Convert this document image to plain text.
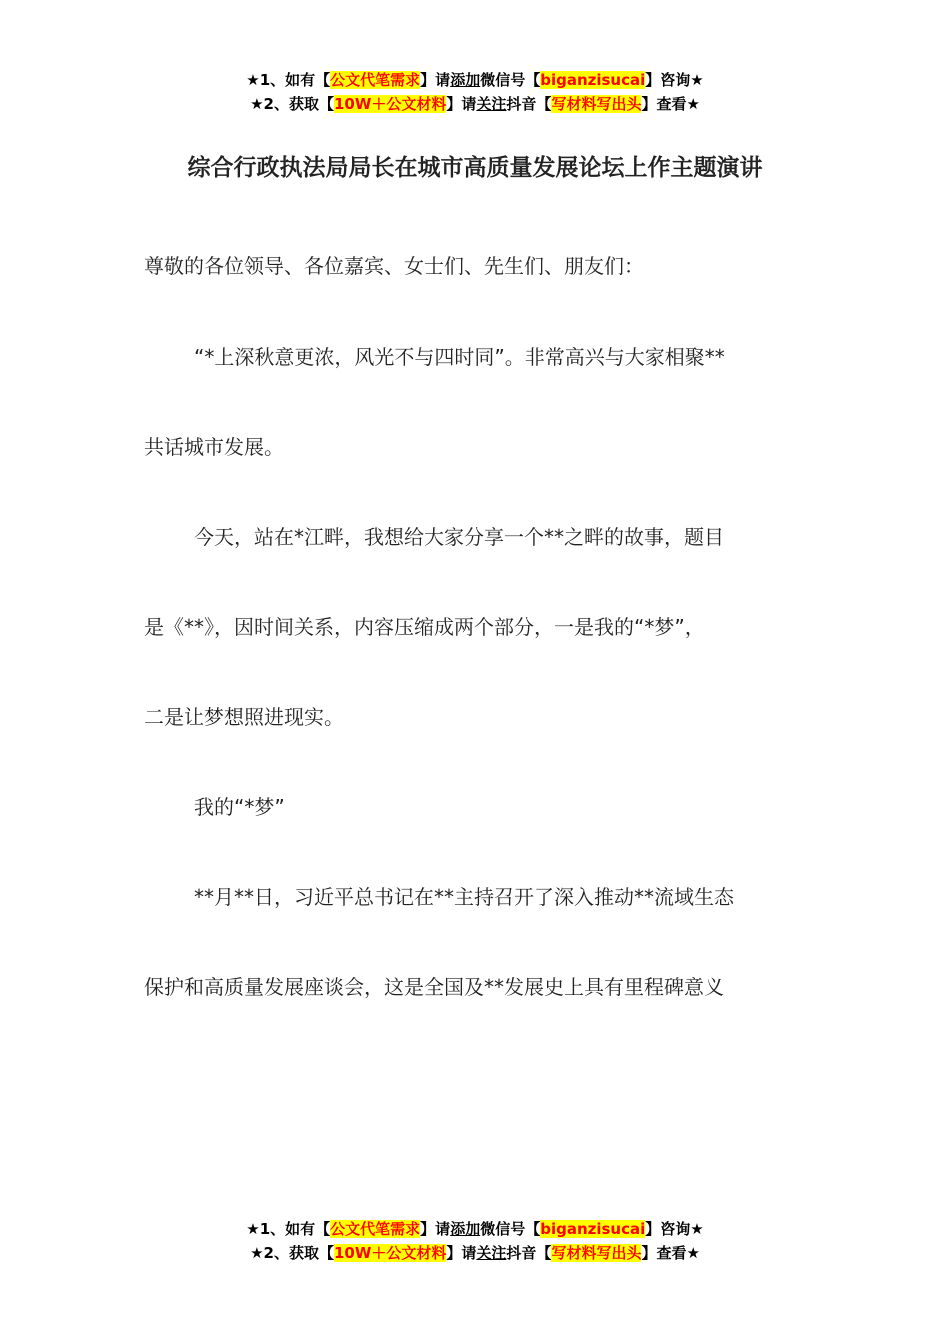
★1、如有【公文代笔需求】请添加微信号【biganzisucai】咨询★
★2、获取【10W＋公文材料】请关注抖音【写材料写出头】查看★
综合行政执法局局长在城市高质量发展论坛上作主题演讲

尊敬的各位领导、各位嘉宾、女士们、先生们、朋友们：

“*上深秋意更浓，风光不与四时同”。非常高兴与大家相聚**

共话城市发展。

今天，站在*江畔，我想给大家分享一个**之畔的故事，题目

是《**》，因时间关系，内容压缩成两个部分，一是我的“*梦”，

二是让梦想照进现实。

我的“*梦”

**月**日，习近平总书记在**主持召开了深入推动**流域生态

保护和高质量发展座谈会，这是全国及**发展史上具有里程碑意义

★1、如有【公文代笔需求】请添加微信号【biganzisucai】咨询★
★2、获取【10W＋公文材料】请关注抖音【写材料写出头】查看★
